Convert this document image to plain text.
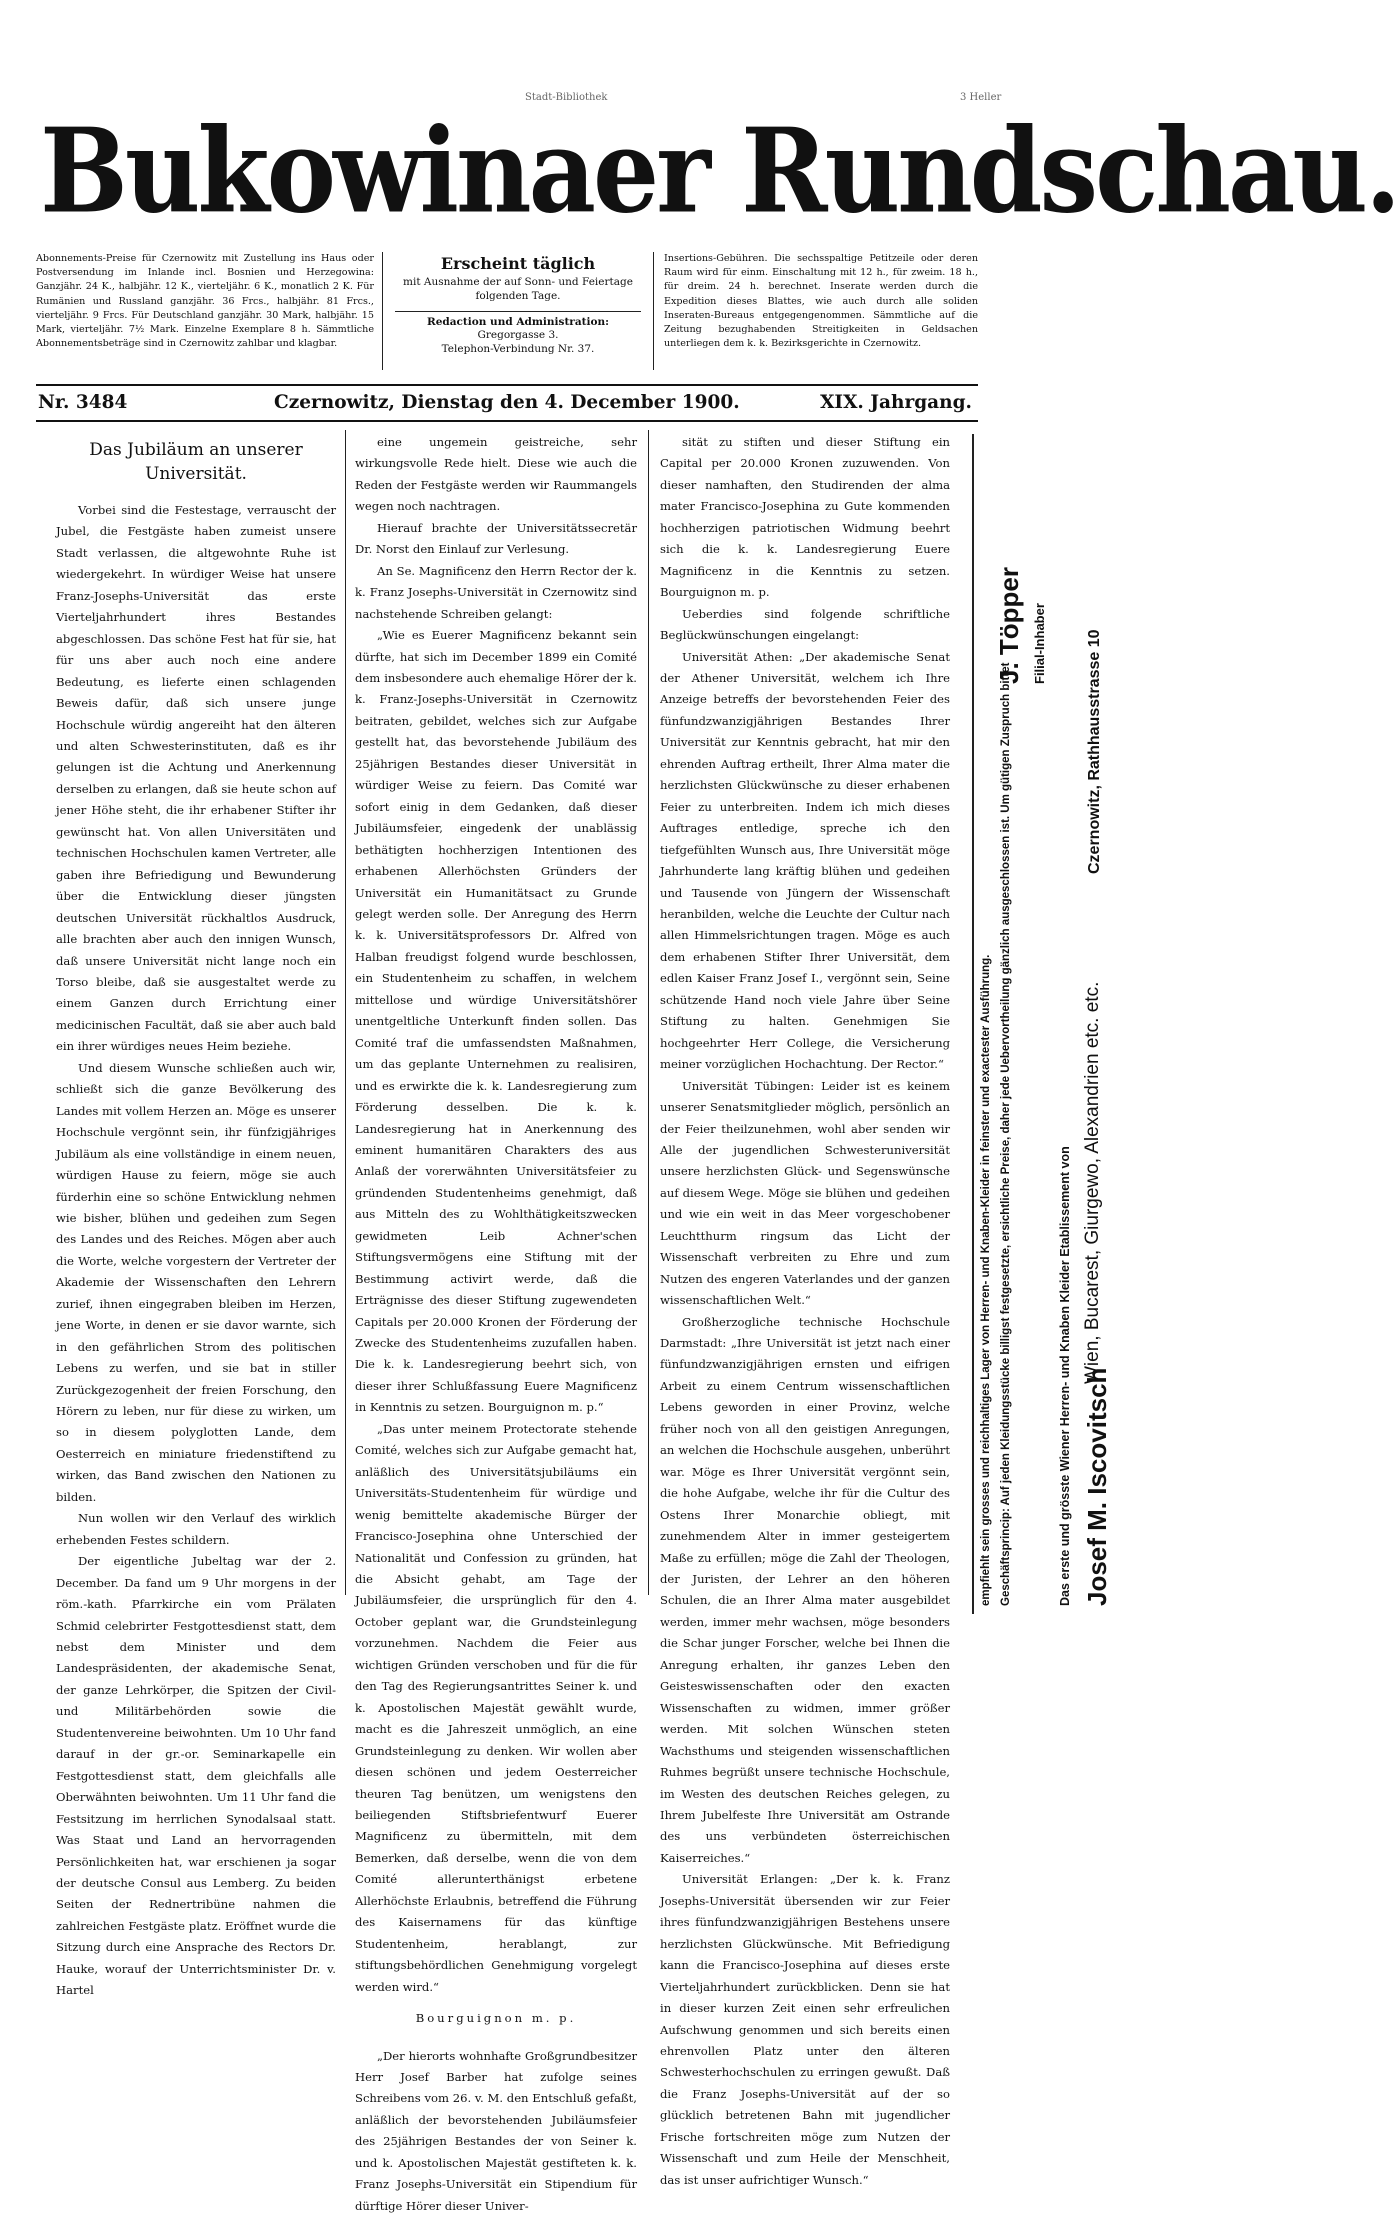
Stadt-Bibliothek	3 Heller
Bukowinaer Rundschau.
Abonnements-Preise für Czernowitz mit Zustellung ins Haus oder Postversendung im Inlande incl. Bosnien und Herzegowina: Ganzjähr. 24 K., halbjähr. 12 K., vierteljähr. 6 K., monatlich 2 K. Für Rumänien und Russland ganzjähr. 36 Frcs., halbjähr. 81 Frcs., vierteljähr. 9 Frcs. Für Deutschland ganzjähr. 30 Mark, halbjähr. 15 Mark, vierteljähr. 7½ Mark. Einzelne Exemplare 8 h. Sämmtliche Abonnementsbeträge sind in Czernowitz zahlbar und klagbar.
Erscheint täglich
mit Ausnahme der auf Sonn- und Feiertage folgenden Tage.
Redaction und Administration:
Gregorgasse 3.
Telephon-Verbindung Nr. 37.
Insertions-Gebühren. Die sechsspaltige Petitzeile oder deren Raum wird für einm. Einschaltung mit 12 h., für zweim. 18 h., für dreim. 24 h. berechnet. Inserate werden durch die Expedition dieses Blattes, wie auch durch alle soliden Inseraten-Bureaus entgegengenommen. Sämmtliche auf die Zeitung bezughabenden Streitigkeiten in Geldsachen unterliegen dem k. k. Bezirksgerichte in Czernowitz.
Nr. 3484	Czernowitz, Dienstag den 4. December 1900.	XIX. Jahrgang.
Das Jubiläum an unserer Universität.

Vorbei sind die Festestage, verrauscht der Jubel, die Festgäste haben zumeist unsere Stadt verlassen, die altgewohnte Ruhe ist wiedergekehrt. In würdiger Weise hat unsere Franz-Josephs-Universität das erste Vierteljahrhundert ihres Bestandes abgeschlossen. Das schöne Fest hat für sie, hat für uns aber auch noch eine andere Bedeutung, es lieferte einen schlagenden Beweis dafür, daß sich unsere junge Hochschule würdig angereiht hat den älteren und alten Schwesterinstituten, daß es ihr gelungen ist die Achtung und Anerkennung derselben zu erlangen, daß sie heute schon auf jener Höhe steht, die ihr erhabener Stifter ihr gewünscht hat. Von allen Universitäten und technischen Hochschulen kamen Vertreter, alle gaben ihre Befriedigung und Bewunderung über die Entwicklung dieser jüngsten deutschen Universität rückhaltlos Ausdruck, alle brachten aber auch den innigen Wunsch, daß unsere Universität nicht lange noch ein Torso bleibe, daß sie ausgestaltet werde zu einem Ganzen durch Errichtung einer medicinischen Facultät, daß sie aber auch bald ein ihrer würdiges neues Heim beziehe.

Und diesem Wunsche schließen auch wir, schließt sich die ganze Bevölkerung des Landes mit vollem Herzen an. Möge es unserer Hochschule vergönnt sein, ihr fünfzigjähriges Jubiläum als eine vollständige in einem neuen, würdigen Hause zu feiern, möge sie auch fürderhin eine so schöne Entwicklung nehmen wie bisher, blühen und gedeihen zum Segen des Landes und des Reiches. Mögen aber auch die Worte, welche vorgestern der Vertreter der Akademie der Wissenschaften den Lehrern zurief, ihnen eingegraben bleiben im Herzen, jene Worte, in denen er sie davor warnte, sich in den gefährlichen Strom des politischen Lebens zu werfen, und sie bat in stiller Zurückgezogenheit der freien Forschung, den Hörern zu leben, nur für diese zu wirken, um so in diesem polyglotten Lande, dem Oesterreich en miniature friedenstiftend zu wirken, das Band zwischen den Nationen zu bilden.

Nun wollen wir den Verlauf des wirklich erhebenden Festes schildern.

Der eigentliche Jubeltag war der 2. December. Da fand um 9 Uhr morgens in der röm.-kath. Pfarrkirche ein vom Prälaten Schmid celebrirter Festgottesdienst statt, dem nebst dem Minister und dem Landespräsidenten, der akademische Senat, der ganze Lehrkörper, die Spitzen der Civil- und Militärbehörden sowie die Studentenvereine beiwohnten. Um 10 Uhr fand darauf in der gr.-or. Seminarkapelle ein Festgottesdienst statt, dem gleichfalls alle Oberwähnten beiwohnten. Um 11 Uhr fand die Festsitzung im herrlichen Synodalsaal statt. Was Staat und Land an hervorragenden Persönlichkeiten hat, war erschienen ja sogar der deutsche Consul aus Lemberg. Zu beiden Seiten der Rednertribüne nahmen die zahlreichen Festgäste platz. Eröffnet wurde die Sitzung durch eine Ansprache des Rectors Dr. Hauke, worauf der Unterrichtsminister Dr. v. Hartel

eine ungemein geistreiche, sehr wirkungsvolle Rede hielt. Diese wie auch die Reden der Festgäste werden wir Raummangels wegen noch nachtragen.

Hierauf brachte der Universitätssecretär Dr. Norst den Einlauf zur Verlesung.

An Se. Magnificenz den Herrn Rector der k. k. Franz Josephs-Universität in Czernowitz sind nachstehende Schreiben gelangt:

„Wie es Euerer Magnificenz bekannt sein dürfte, hat sich im December 1899 ein Comité dem insbesondere auch ehemalige Hörer der k. k. Franz-Josephs-Universität in Czernowitz beitraten, gebildet, welches sich zur Aufgabe gestellt hat, das bevorstehende Jubiläum des 25jährigen Bestandes dieser Universität in würdiger Weise zu feiern. Das Comité war sofort einig in dem Gedanken, daß dieser Jubiläumsfeier, eingedenk der unablässig bethätigten hochherzigen Intentionen des erhabenen Allerhöchsten Gründers der Universität ein Humanitätsact zu Grunde gelegt werden solle. Der Anregung des Herrn k. k. Universitätsprofessors Dr. Alfred von Halban freudigst folgend wurde beschlossen, ein Studentenheim zu schaffen, in welchem mittellose und würdige Universitätshörer unentgeltliche Unterkunft finden sollen. Das Comité traf die umfassendsten Maßnahmen, um das geplante Unternehmen zu realisiren, und es erwirkte die k. k. Landesregierung zum Förderung desselben. Die k. k. Landesregierung hat in Anerkennung des eminent humanitären Charakters des aus Anlaß der vorerwähnten Universitätsfeier zu gründenden Studentenheims genehmigt, daß aus Mitteln des zu Wohlthätigkeitszwecken gewidmeten Leib Achner'schen Stiftungsvermögens eine Stiftung mit der Bestimmung activirt werde, daß die Erträgnisse des dieser Stiftung zugewendeten Capitals per 20.000 Kronen der Förderung der Zwecke des Studentenheims zuzufallen haben. Die k. k. Landesregierung beehrt sich, von dieser ihrer Schlußfassung Euere Magnificenz in Kenntnis zu setzen. Bourguignon m. p.“

„Das unter meinem Protectorate stehende Comité, welches sich zur Aufgabe gemacht hat, anläßlich des Universitätsjubiläums ein Universitäts-Studentenheim für würdige und wenig bemittelte akademische Bürger der Francisco-Josephina ohne Unterschied der Nationalität und Confession zu gründen, hat die Absicht gehabt, am Tage der Jubiläumsfeier, die ursprünglich für den 4. October geplant war, die Grundsteinlegung vorzunehmen. Nachdem die Feier aus wichtigen Gründen verschoben und für die für den Tag des Regierungsantrittes Seiner k. und k. Apostolischen Majestät gewählt wurde, macht es die Jahreszeit unmöglich, an eine Grundsteinlegung zu denken. Wir wollen aber diesen schönen und jedem Oesterreicher theuren Tag benützen, um wenigstens den beiliegenden Stiftsbriefentwurf Euerer Magnificenz zu übermitteln, mit dem Bemerken, daß derselbe, wenn die von dem Comité allerunterthänigst erbetene Allerhöchste Erlaubnis, betreffend die Führung des Kaisernamens für das künftige Studentenheim, herablangt, zur stiftungsbehördlichen Genehmigung vorgelegt werden wird.“

Bourguignon m. p.

„Der hierorts wohnhafte Großgrundbesitzer Herr Josef Barber hat zufolge seines Schreibens vom 26. v. M. den Entschluß gefaßt, anläßlich der bevorstehenden Jubiläumsfeier des 25jährigen Bestandes der von Seiner k. und k. Apostolischen Majestät gestifteten k. k. Franz Josephs-Universität ein Stipendium für dürftige Hörer dieser Univer-

sität zu stiften und dieser Stiftung ein Capital per 20.000 Kronen zuzuwenden. Von dieser namhaften, den Studirenden der alma mater Francisco-Josephina zu Gute kommenden hochherzigen patriotischen Widmung beehrt sich die k. k. Landesregierung Euere Magnificenz in die Kenntnis zu setzen. Bourguignon m. p.

Ueberdies sind folgende schriftliche Beglückwünschungen eingelangt:

Universität Athen: „Der akademische Senat der Athener Universität, welchem ich Ihre Anzeige betreffs der bevorstehenden Feier des fünfundzwanzigjährigen Bestandes Ihrer Universität zur Kenntnis gebracht, hat mir den ehrenden Auftrag ertheilt, Ihrer Alma mater die herzlichsten Glückwünsche zu dieser erhabenen Feier zu unterbreiten. Indem ich mich dieses Auftrages entledige, spreche ich den tiefgefühlten Wunsch aus, Ihre Universität möge Jahrhunderte lang kräftig blühen und gedeihen und Tausende von Jüngern der Wissenschaft heranbilden, welche die Leuchte der Cultur nach allen Himmelsrichtungen tragen. Möge es auch dem erhabenen Stifter Ihrer Universität, dem edlen Kaiser Franz Josef I., vergönnt sein, Seine schützende Hand noch viele Jahre über Seine Stiftung zu halten. Genehmigen Sie hochgeehrter Herr College, die Versicherung meiner vorzüglichen Hochachtung. Der Rector.“

Universität Tübingen: Leider ist es keinem unserer Senatsmitglieder möglich, persönlich an der Feier theilzunehmen, wohl aber senden wir Alle der jugendlichen Schwesteruniversität unsere herzlichsten Glück- und Segenswünsche auf diesem Wege. Möge sie blühen und gedeihen und wie ein weit in das Meer vorgeschobener Leuchtthurm ringsum das Licht der Wissenschaft verbreiten zu Ehre und zum Nutzen des engeren Vaterlandes und der ganzen wissenschaftlichen Welt.“

Großherzogliche technische Hochschule Darmstadt: „Ihre Universität ist jetzt nach einer fünfundzwanzigjährigen ernsten und eifrigen Arbeit zu einem Centrum wissenschaftlichen Lebens geworden in einer Provinz, welche früher noch von all den geistigen Anregungen, an welchen die Hochschule ausgehen, unberührt war. Möge es Ihrer Universität vergönnt sein, die hohe Aufgabe, welche ihr für die Cultur des Ostens Ihrer Monarchie obliegt, mit zunehmendem Alter in immer gesteigertem Maße zu erfüllen; möge die Zahl der Theologen, der Juristen, der Lehrer an den höheren Schulen, die an Ihrer Alma mater ausgebildet werden, immer mehr wachsen, möge besonders die Schar junger Forscher, welche bei Ihnen die Anregung erhalten, ihr ganzes Leben den Geisteswissenschaften oder den exacten Wissenschaften zu widmen, immer größer werden. Mit solchen Wünschen steten Wachsthums und steigenden wissenschaftlichen Ruhmes begrüßt unsere technische Hochschule, im Westen des deutschen Reiches gelegen, zu Ihrem Jubelfeste Ihre Universität am Ostrande des uns verbündeten österreichischen Kaiserreiches.“

Universität Erlangen: „Der k. k. Franz Josephs-Universität übersenden wir zur Feier ihres fünfundzwanzigjährigen Bestehens unsere herzlichsten Glückwünsche. Mit Befriedigung kann die Francisco-Josephina auf dieses erste Vierteljahrhundert zurückblicken. Denn sie hat in dieser kurzen Zeit einen sehr erfreulichen Aufschwung genommen und sich bereits einen ehrenvollen Platz unter den älteren Schwesterhochschulen zu erringen gewußt. Daß die Franz Josephs-Universität auf der so glücklich betretenen Bahn mit jugendlicher Frische fortschreiten möge zum Nutzen der Wissenschaft und zum Heile der Menschheit, das ist unser aufrichtiger Wunsch.“

Das erste und grösste Wiener Herren- und Knaben Kleider Etablissement von Josef M. Iscovitsch
Wien, Bucarest, Giurgewo, Alexandrien etc. etc.
Czernowitz, Rathhausstrasse 10
empfiehlt sein grosses und reichhaltiges Lager von Herren- und Knaben-Kleider in feinster und exactester Ausführung. Geschäftsprincip: Auf jeden Kleidungsstücke billigst festgesetzte, ersichtliche Preise, daher jede Uebervortheilung gänzlich ausgeschlossen ist. Um gütigen Zuspruch bittet
J. Töpper Filial-Inhaber
